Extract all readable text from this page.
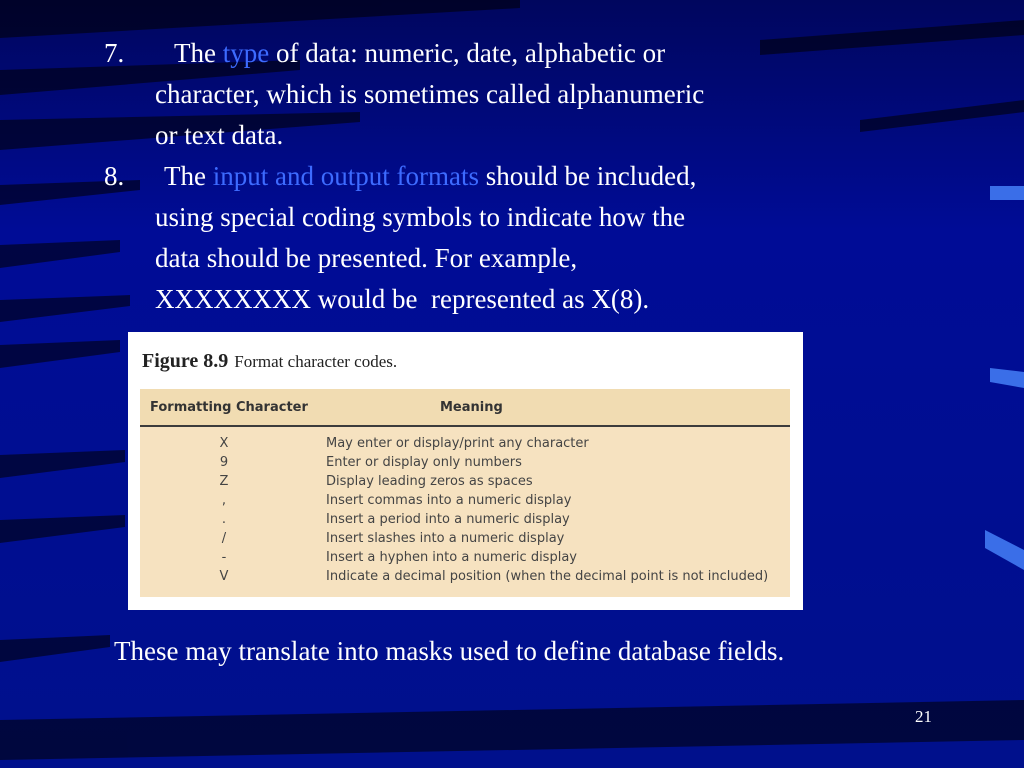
7. The type of data: numeric, date, alphabetic or
character, which is sometimes called alphanumeric
or text data.
8. The input and output formats should be included,
using special coding symbols to indicate how the
data should be presented. For example,
XXXXXXXX would be  represented as X(8).
Figure 8.9 Format character codes.
Formatting Character	Meaning
X	May enter or display/print any character
9	Enter or display only numbers
Z	Display leading zeros as spaces
,	Insert commas into a numeric display
.	Insert a period into a numeric display
/	Insert slashes into a numeric display
-	Insert a hyphen into a numeric display
V	Indicate a decimal position (when the decimal point is not included)
These may translate into masks used to define database fields.
21
